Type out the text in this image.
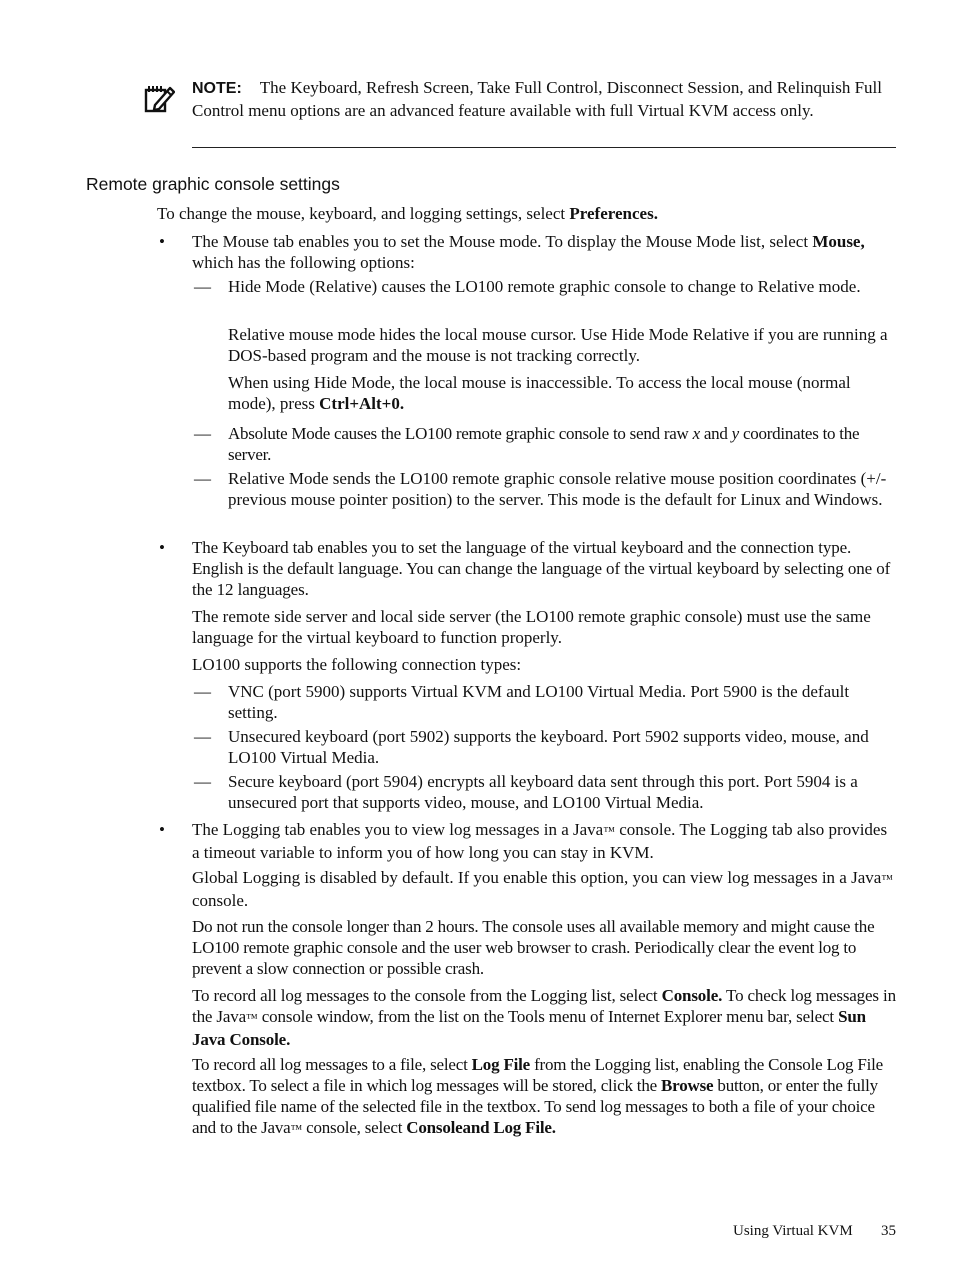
NOTE: The Keyboard, Refresh Screen, Take Full Control, Disconnect Session, and Relinquish Full Control menu options are an advanced feature available with full Virtual KVM access only.
Remote graphic console settings

To change the mouse, keyboard, and logging settings, select Preferences.

• The Mouse tab enables you to set the Mouse mode. To display the Mouse Mode list, select Mouse, which has the following options:

— Hide Mode (Relative) causes the LO100 remote graphic console to change to Relative mode.

Relative mouse mode hides the local mouse cursor. Use Hide Mode Relative if you are running a DOS-based program and the mouse is not tracking correctly.

When using Hide Mode, the local mouse is inaccessible. To access the local mouse (normal mode), press Ctrl+Alt+0.

— Absolute Mode causes the LO100 remote graphic console to send raw x and y coordinates to the server.

— Relative Mode sends the LO100 remote graphic console relative mouse position coordinates (+/- previous mouse pointer position) to the server. This mode is the default for Linux and Windows.

• The Keyboard tab enables you to set the language of the virtual keyboard and the connection type. English is the default language. You can change the language of the virtual keyboard by selecting one of the 12 languages.

The remote side server and local side server (the LO100 remote graphic console) must use the same language for the virtual keyboard to function properly.

LO100 supports the following connection types:

— VNC (port 5900) supports Virtual KVM and LO100 Virtual Media. Port 5900 is the default setting.

— Unsecured keyboard (port 5902) supports the keyboard. Port 5902 supports video, mouse, and LO100 Virtual Media.

— Secure keyboard (port 5904) encrypts all keyboard data sent through this port. Port 5904 is a unsecured port that supports video, mouse, and LO100 Virtual Media.

• The Logging tab enables you to view log messages in a Java™ console. The Logging tab also provides a timeout variable to inform you of how long you can stay in KVM.

Global Logging is disabled by default. If you enable this option, you can view log messages in a Java™ console.

Do not run the console longer than 2 hours. The console uses all available memory and might cause the LO100 remote graphic console and the user web browser to crash. Periodically clear the event log to prevent a slow connection or possible crash.

To record all log messages to the console from the Logging list, select Console. To check log messages in the Java™ console window, from the list on the Tools menu of Internet Explorer menu bar, select Sun Java Console.

To record all log messages to a file, select Log File from the Logging list, enabling the Console Log File textbox. To select a file in which log messages will be stored, click the Browse button, or enter the fully qualified file name of the selected file in the textbox. To send log messages to both a file of your choice and to the Java™ console, select Consoleand Log File.

Using Virtual KVM 35
